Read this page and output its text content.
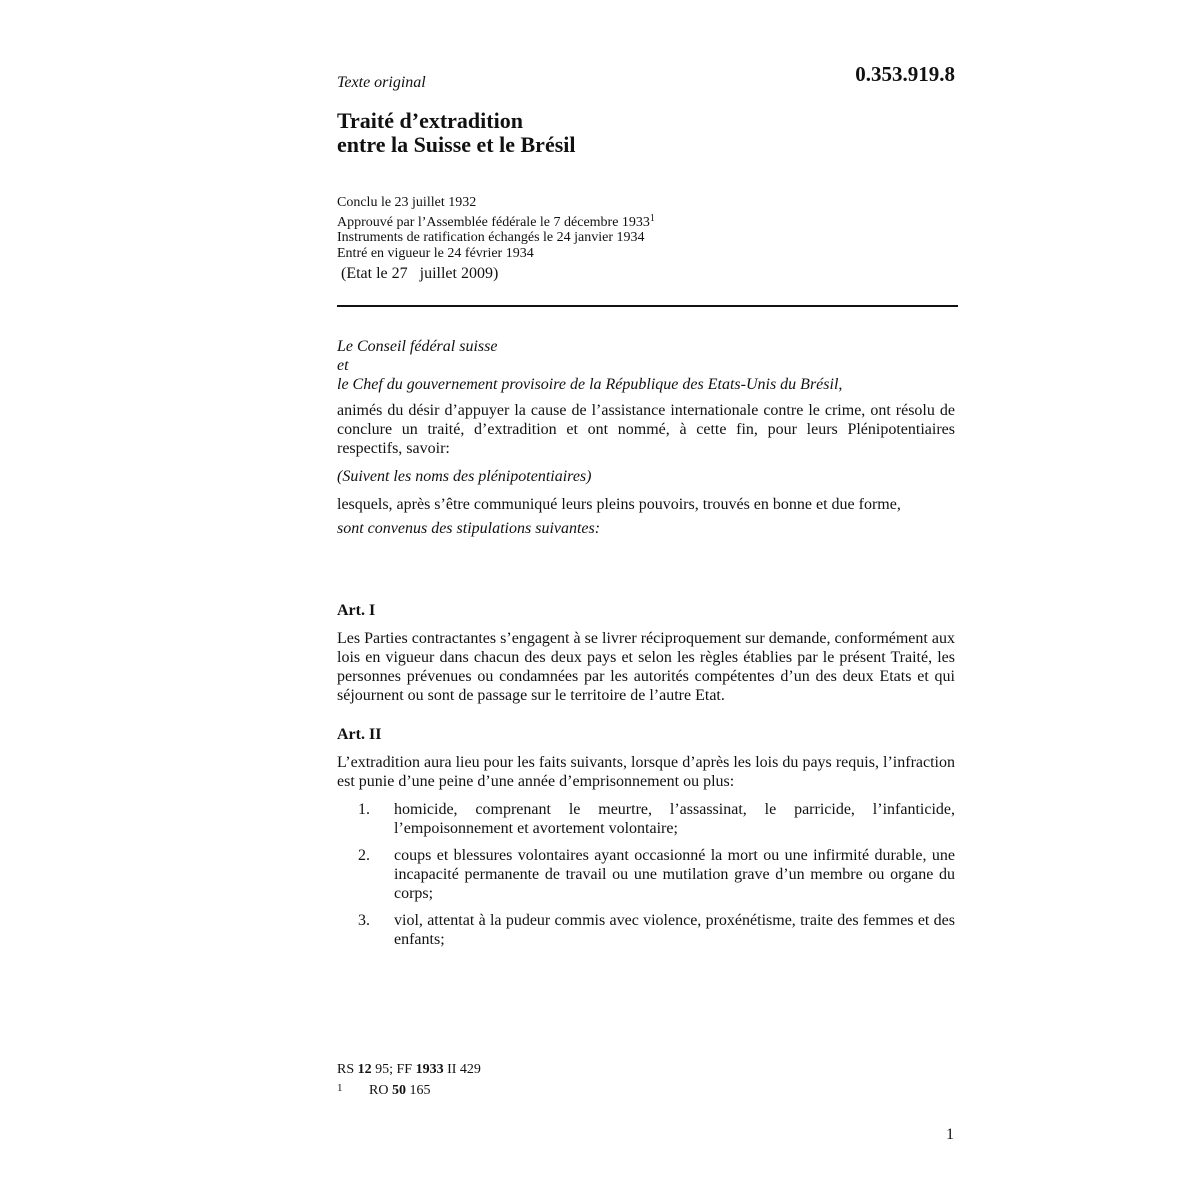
Texte original	0.353.919.8
Traité d’extradition
entre la Suisse et le Brésil
Conclu le 23 juillet 1932
Approuvé par l’Assemblée fédérale le 7 décembre 1933$^1$
Instruments de ratification échangés le 24 janvier 1934
Entré en vigueur le 24 février 1934
(Etat le 27   juillet 2009)
Le Conseil fédéral suisse
et
le Chef du gouvernement provisoire de la République des Etats-Unis du Brésil,

animés du désir d’appuyer la cause de l’assistance internationale contre le crime, ont résolu de conclure un traité, d’extradition et ont nommé, à cette fin, pour leurs Plénipotentiaires respectifs, savoir:

(Suivent les noms des plénipotentiaires)

lesquels, après s’être communiqué leurs pleins pouvoirs, trouvés en bonne et due forme,

sont convenus des stipulations suivantes:

Art. I

Les Parties contractantes s’engagent à se livrer réciproquement sur demande, conformément aux lois en vigueur dans chacun des deux pays et selon les règles établies par le présent Traité, les personnes prévenues ou condamnées par les autorités compétentes d’un des deux Etats et qui séjournent ou sont de passage sur le territoire de l’autre Etat.

Art. II

L’extradition aura lieu pour les faits suivants, lorsque d’après les lois du pays requis, l’infraction est punie d’une peine d’une année d’emprisonnement ou plus:

1. homicide, comprenant le meurtre, l’assassinat, le parricide, l’infanticide, l’empoisonnement et avortement volontaire;
2. coups et blessures volontaires ayant occasionné la mort ou une infirmité durable, une incapacité permanente de travail ou une mutilation grave d’un membre ou organe du corps;
3. viol, attentat à la pudeur commis avec violence, proxénétisme, traite des femmes et des enfants;
RS 12 95; FF 1933 II 429
1 RO 50 165
1
